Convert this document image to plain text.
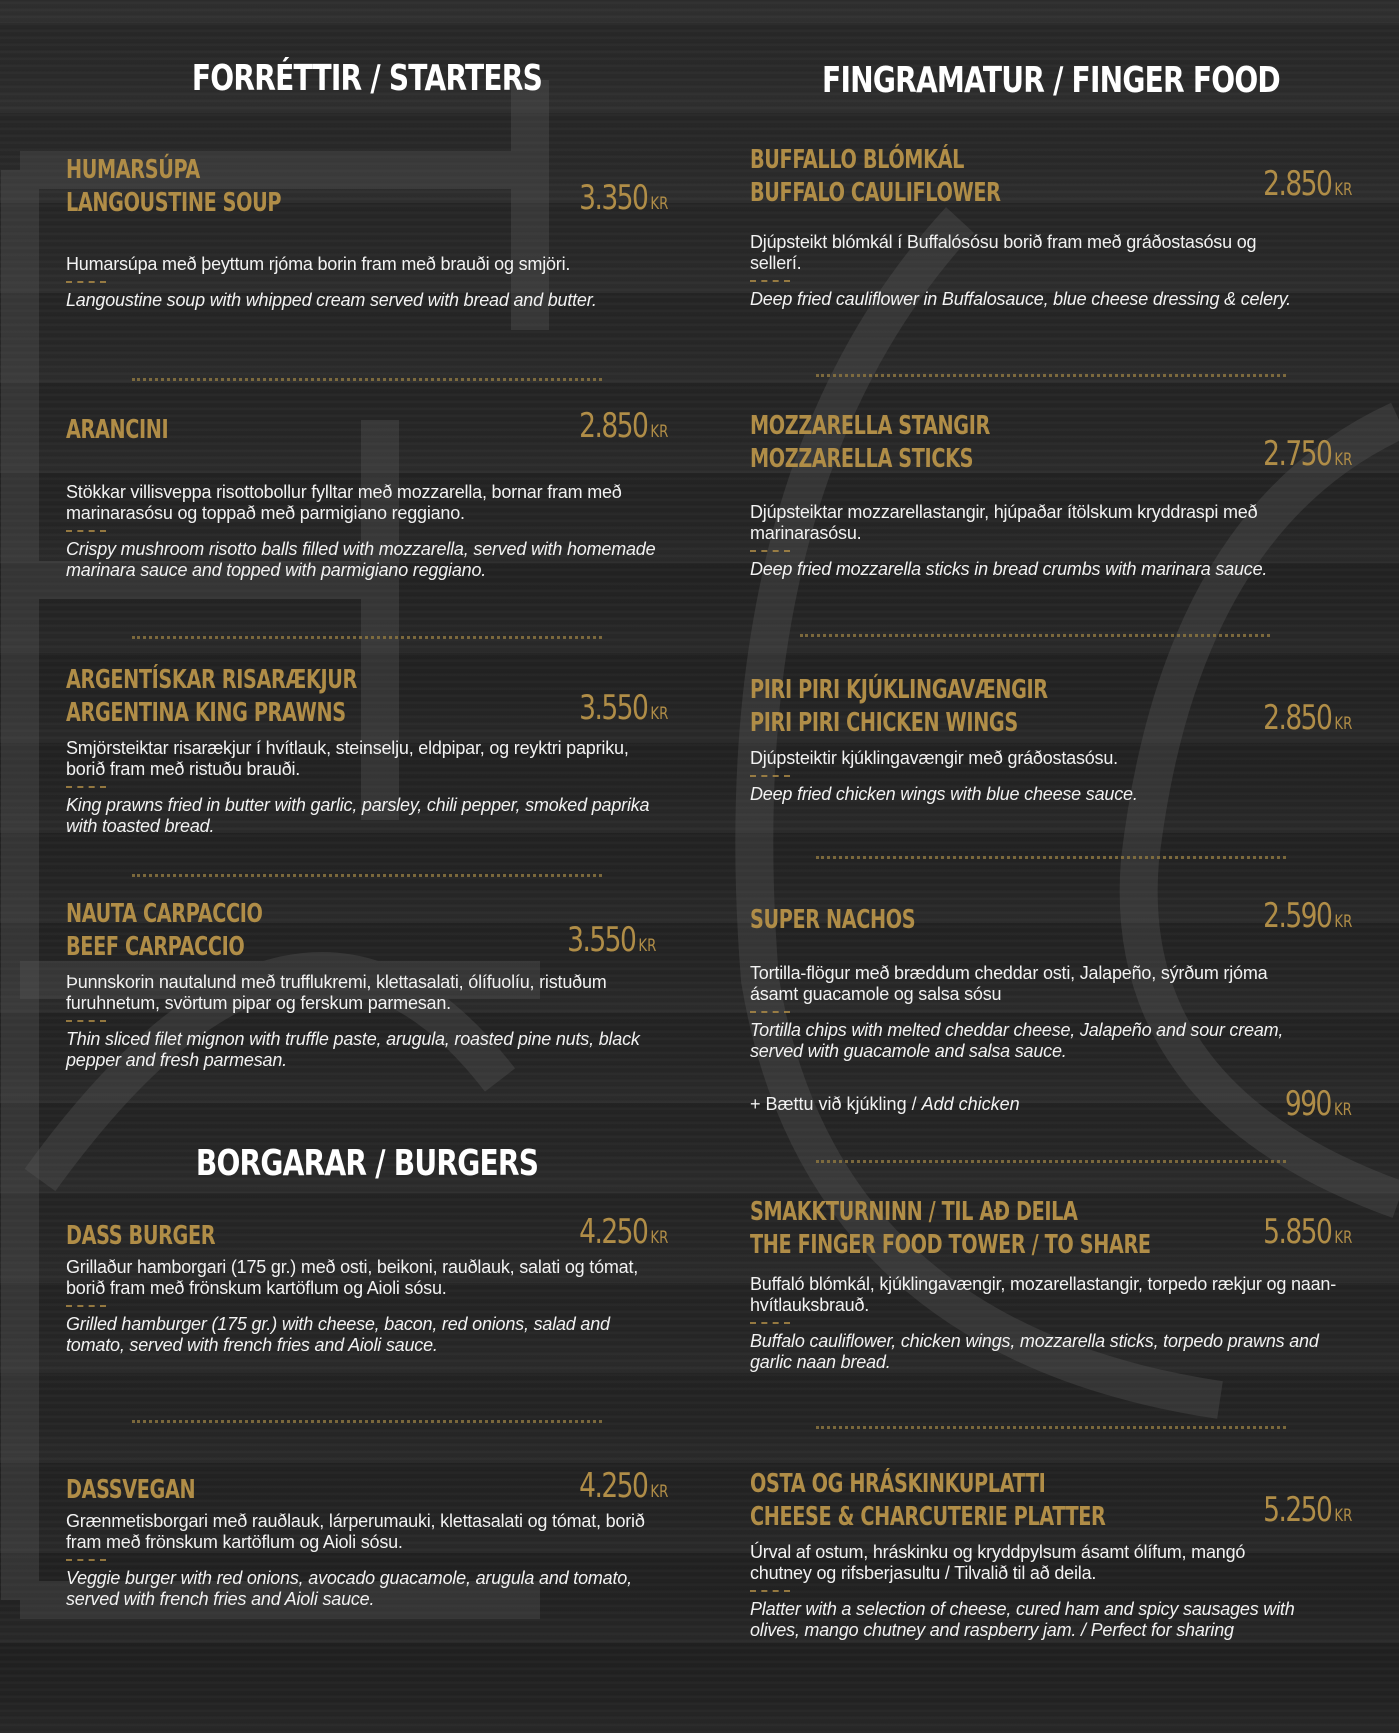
FORRÉTTIR / STARTERS
HUMARSÚPA
LANGOUSTINE SOUP	3.350 KR
Humarsúpa með þeyttum rjóma borin fram með brauði og smjöri.
Langoustine soup with whipped cream served with bread and butter.
ARANCINI	2.850 KR
Stökkar villisveppa risottobollur fylltar með mozzarella, bornar fram með marinarasósu og toppað með parmigiano reggiano.
Crispy mushroom risotto balls filled with mozzarella, served with homemade marinara sauce and topped with parmigiano reggiano.
ARGENTÍSKAR RISARÆKJUR
ARGENTINA KING PRAWNS	3.550 KR
Smjörsteiktar risarækjur í hvítlauk, steinselju, eldpipar, og reyktri papriku, borið fram með ristuðu brauði.
King prawns fried in butter with garlic, parsley, chili pepper, smoked paprika with toasted bread.
NAUTA CARPACCIO
BEEF CARPACCIO	3.550 KR
Þunnskorin nautalund með trufflukremi, klettasalati, ólífuolíu, ristuðum furuhnetum, svörtum pipar og ferskum parmesan.
Thin sliced filet mignon with truffle paste, arugula, roasted pine nuts, black pepper and fresh parmesan.
BORGARAR / BURGERS
DASS BURGER	4.250 KR
Grillaður hamborgari (175 gr.) með osti, beikoni, rauðlauk, salati og tómat, borið fram með frönskum kartöflum og Aioli sósu.
Grilled hamburger (175 gr.) with cheese, bacon, red onions, salad and tomato, served with french fries and Aioli sauce.
DASSVEGAN	4.250 KR
Grænmetisborgari með rauðlauk, lárperumauki, klettasalati og tómat, borið fram með frönskum kartöflum og Aioli sósu.
Veggie burger with red onions, avocado guacamole, arugula and tomato, served with french fries and Aioli sauce.
FINGRAMATUR / FINGER FOOD
BUFFALLO BLÓMKÁL
BUFFALO CAULIFLOWER	2.850 KR
Djúpsteikt blómkál í Buffalósósu borið fram með gráðostasósu og sellerí.
Deep fried cauliflower in Buffalosauce, blue cheese dressing & celery.
MOZZARELLA STANGIR
MOZZARELLA STICKS	2.750 KR
Djúpsteiktar mozzarellastangir, hjúpaðar ítölskum kryddraspi með marinarasósu.
Deep fried mozzarella sticks in bread crumbs with marinara sauce.
PIRI PIRI KJÚKLINGAVÆNGIR
PIRI PIRI CHICKEN WINGS	2.850 KR
Djúpsteiktir kjúklingavængir með gráðostasósu.
Deep fried chicken wings with blue cheese sauce.
SUPER NACHOS	2.590 KR
Tortilla-flögur með bræddum cheddar osti, Jalapeño, sýrðum rjóma ásamt guacamole og salsa sósu
Tortilla chips with melted cheddar cheese, Jalapeño and sour cream, served with guacamole and salsa sauce.
+ Bættu við kjúkling / Add chicken	990 KR
SMAKKTURNINN / TIL AÐ DEILA
THE FINGER FOOD TOWER / TO SHARE	5.850 KR
Buffaló blómkál, kjúklingavængir, mozarellastangir, torpedo rækjur og naan-hvítlauksbrauð.
Buffalo cauliflower, chicken wings, mozzarella sticks, torpedo prawns and garlic naan bread.
OSTA OG HRÁSKINKUPLATTI
CHEESE & CHARCUTERIE PLATTER	5.250 KR
Úrval af ostum, hráskinku og kryddpylsum ásamt ólífum, mangó chutney og rifsberjasultu / Tilvalið til að deila.
Platter with a selection of cheese, cured ham and spicy sausages with olives, mango chutney and raspberry jam. / Perfect for sharing
